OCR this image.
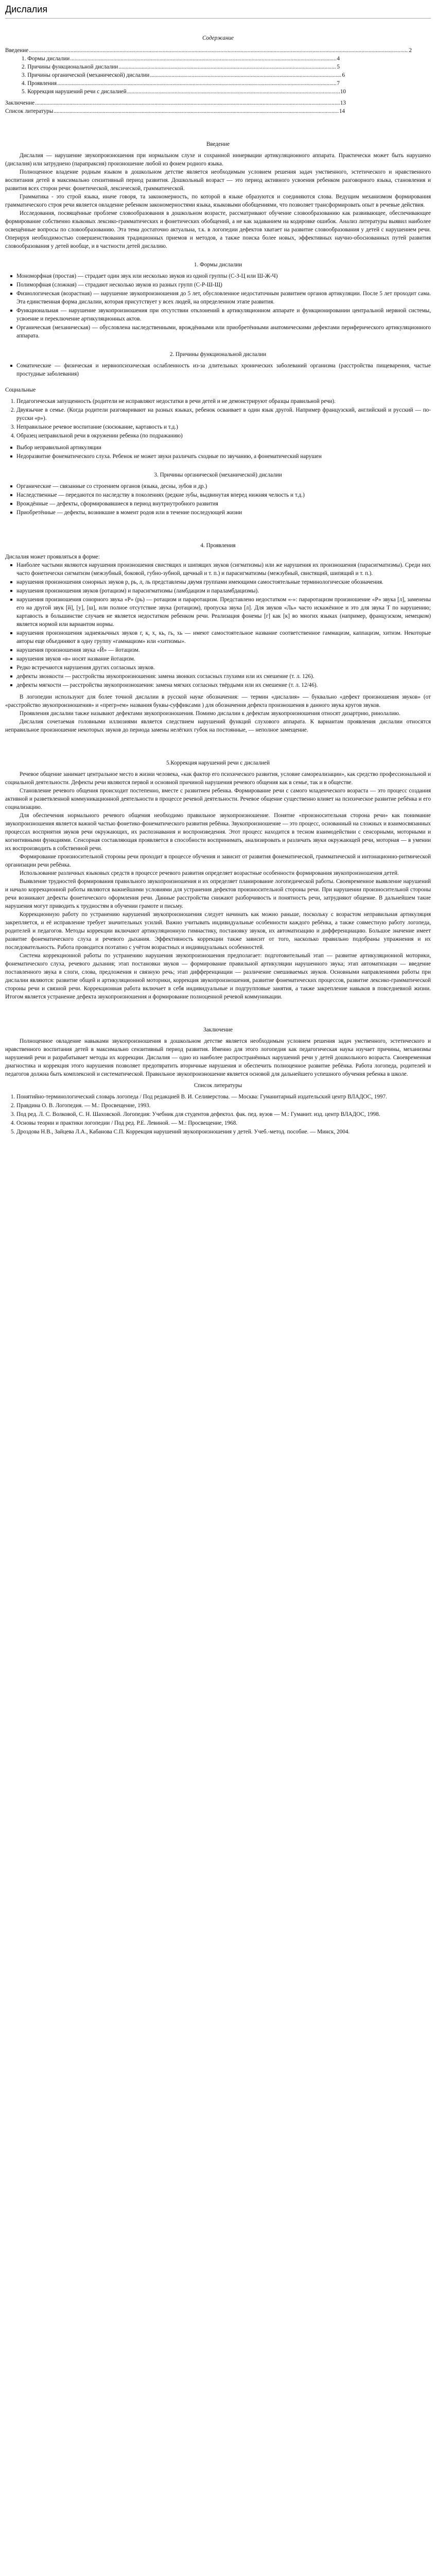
Дислалия
Содержание
Введение .....	2
1. Формы дислалии .....	4
2. Причины функциональной дислалии .....	5
3. Причины органической (механической) дислалии .....	6
4. Проявления .....	7
5. Коррекция нарушений речи с дислалией .....	10
Заключение .....	13
Список литературы .....	14
Введение

Дислалия — нарушение звукопроизношения при нормальном слухе и сохранной иннервации артикуляционного аппарата. Практически может быть нарушено (дислалия) или затруднено (парапраксия) произношение любой из фонем родного языка.

Полноценное владение родным языком в дошкольном детстве является необходимым условием решения задач умственного, эстетического и нравственного воспитания детей в максимально сензитивный период развития. Дошкольный возраст — это период активного усвоения ребенком разговорного языка, становления и развития всех сторон речи: фонетической, лексической, грамматической.

Грамматика - это строй языка, иначе говоря, та закономерность, по которой в языке образуются и соединяются слова. Ведущим механизмом формирования грамматического строя речи является овладение ребенком закономерностями языка, языковыми обобщениями, что позволяет трансформировать опыт в речевые действия.

Исследования, посвящённые проблеме словообразования в дошкольном возрасте, рассматривают обучение словообразованию как развивающее, обеспечивающее формирование собственно языковых лексико-грамматических и фонетических обобщений, а не как задаванием на кодировке ошибок. Анализ литературы выявил наиболее освещённые вопросы по словообразованию. Эта тема достаточно актуальна, т.к. в логопедии дефектов хватает на развитие словообразования у детей с нарушением речи. Оперируя необходимостью совершенствования традиционных приемов и методов, а также поиска более новых, эффективных научно-обоснованных путей развития словообразования у детей вообще, и в частности детей дислалию.

1. Формы дислалии
Мономорфная (простая) — страдает один звук или несколько звуков из одной группы (С-З-Ц или Ш-Ж-Ч)
Полиморфная (сложная) — страдают несколько звуков из разных групп (С-Р-Ш-Щ)
Физиологическая (возрастная) — нарушение звукопроизношения до 5 лет, обусловленное недостаточным развитием органов артикуляции. После 5 лет проходит сама. Эта единственная форма дислалии, которая присутствует у всех людей, на определенном этапе развития.
Функциональная — нарушение звукопроизношения при отсутствии отклонений в артикуляционном аппарате и функционировании центральной нервной системы, усвоение и переключение артикуляционных актов.
Органическая (механическая) — обусловлена наследственными, врождёнными или приобретёнными анатомическими дефектами периферического артикуляционного аппарата.
2. Причины функциональной дислалии
Соматические — физическая и нервнопсихическая ослабленность из-за длительных хронических заболеваний организма (расстройства пищеварения, частые простудные заболевания)

Социальные

1. Педагогическая запущенность (родители не исправляют недостатки в речи детей и не демонстрируют образцы правильной речи).
2. Двуязычие в семье. (Когда родители разговаривают на разных языках, ребенок осваивает в один язык другой. Например французский, английский и русский — по-русски «р»).
3. Неправильное речевое воспитание (сюсюкание, картавость и т.д.)
4. Образец неправильной речи в окружении ребенка (по подражанию)
Выбор неправильной артикуляции
Недоразвитие фонематического слуха. Ребенок не может звуки различать сходные по звучанию, а фонематический нарушен
3. Причины органической (механической) дислалии
Органические — связанные со строением органов (языка, десны, зубов и др.)
Наследственные — передаются по наследству в поколениях (редкие зубы, выдвинутая вперед нижняя челюсть и т.д.)
Врождённые — дефекты, сформировавшиеся в период внутриутробного развития
Приобретённые — дефекты, возникшие в момент родов или в течение последующей жизни
4. Проявления

Дислалия может проявляться в форме:

Наиболее частыми являются нарушения произношения свистящих и шипящих звуков (сигматизмы) или же нарушения их произношения (парасигматизмы). Среди них часто фонетически сигматизм (межзубный, боковой, губно-зубной, щечный и т. п.) и парасигматизмы (межзубный, свистящий, шипящий и т. п.).
нарушения произношения сонорных звуков р, рь, л, ль представлены двумя группами имеющими самостоятельные терминологические обозначения.
нарушения произношения звуков (ротацизм) и парасигматизмы (ламбдацизм и параламбдацизмы).
нарушения произношения сонорного звука «Р» (рь) — ротацизм и параротацизм. Представлено недостатком «-»: параротацизм произношение «Р» звука [л], заменены его на другой звук [й], [у], [ш], или полное отсутствие звука (ротацизм), пропуска звука [л]. Для звуков «Ль» часто искажённое и это для звука Т по нарушению; картавость в большинстве случаев не является недостатком ребенком речи. Реализация фонемы [г] как [к] во многих языках (например, французском, немецком) является нормой или вариантом нормы.
нарушения произношения заднеязычных звуков г, к, х, кь, гь, хь — имеют самостоятельное название соответственное гаммацизм, каппацизм, хитизм. Некоторые авторы еще объединяют в одну группу «гаммацизм» или «хитизмы».
нарушения произношения звука «Й» — йотацизм.
нарушения звуков «в» носят название йотацизм.
Редко встречаются нарушения других согласных звуков.
дефекты звонкости — расстройства звукопроизношения: замена звонких согласных глухими или их смешение (т. л. 126).
дефекты мягкости — расстройства звукопроизношения: замена мягких согласных твёрдыми или их смешение (т. л. 12/46).

В логопедии используют для более точной дислалии в русской науке обозначения: — термин «дислалия» — буквально «дефект произношения звуков» (от «расстройство звукопроизношения» и «прегр»ем» названия буквы-суффиксами ) для обозначения дефекта произношения в данного звука кругов звуков.

Проявления дислалии также называют дефектами звукопроизношения. Помимо дислалии к дефектам звукопроизношения относят дизартрию, ринолалию.

Дислалия сочетаемая головными иллюзиями является следствием нарушений функций слухового аппарата. К вариантам проявления дислалии относятся неправильное произношение некоторых звуков до периода замены нелёгких губок на постоянные, — неполное замещение.

5.Коррекция нарушений речи с дислалией

Речевое общение занимает центральное место в жизни человека, «как фактор его психического развития, условие самореализации», как средство профессиональной и социальной деятельности. Дефекты речи являются первой и основной причиной нарушения речевого общения как в семье, так и в обществе.

Становление речевого общения происходит постепенно, вместе с развитием ребенка. Формирование речи с самого младенческого возраста — это процесс создания активной и разветвленной коммуникационной деятельности в процессе речевой деятельности. Речевое общение существенно влияет на психическое развитие ребёнка и его социализацию.

Для обеспечения нормального речевого общения необходимо правильное звукопроизношение. Понятие «произносительная сторона речи» как понимание звукопроизношения является важной частью фонетико-фонематического развития ребёнка. Звукопроизношение — это процесс, основанный на сложных и взаимосвязанных процессах восприятия звуков речи окружающих, их распознавания и воспроизведения. Этот процесс находится в тесном взаимодействии с сенсорными, моторными и когнитивными функциями. Сенсорная составляющая проявляется в способности воспринимать, анализировать и различать звуки окружающей речи, моторная — в умении их воспроизводить в собственной речи.

Формирование произносительной стороны речи проходит в процессе обучения и зависит от развития фонематической, грамматической и интонационно-ритмической организации речи ребёнка.

Использование различных языковых средств в процессе речевого развития определяет возрастные особенности формирования звукопроизношения детей.

Выявление трудностей формирования правильного звукопроизношения и их определяет планирование логопедической работы. Своевременное выявление нарушений и начало коррекционной работы являются важнейшими условиями для устранения дефектов произносительной стороны речи. При нарушении произносительной стороны речи возникают дефекты фонетического оформления речи. Данные расстройства снижают разборчивость и понятность речи, затрудняют общение. В дальнейшем такие нарушения могут приводить к трудностям в обучении грамоте и письму.

Коррекционную работу по устранению нарушений звукопроизношения следует начинать как можно раньше, поскольку с возрастом неправильная артикуляция закрепляется, и её исправление требует значительных усилий. Важно учитывать индивидуальные особенности каждого ребёнка, а также совместную работу логопеда, родителей и педагогов. Методы коррекции включают артикуляционную гимнастику, постановку звуков, их автоматизацию и дифференциацию. Большое значение имеет развитие фонематического слуха и речевого дыхания. Эффективность коррекции также зависит от того, насколько правильно подобраны упражнения и их последовательность. Работа проводится поэтапно с учётом возрастных и индивидуальных особенностей.

Система коррекционной работы по устранению нарушения звукопроизношения предполагает: подготовительный этап — развитие артикуляционной моторики, фонематического слуха, речевого дыхания; этап постановки звуков — формирование правильной артикуляции нарушенного звука; этап автоматизации — введение поставленного звука в слоги, слова, предложения и связную речь; этап дифференциации — различение смешиваемых звуков. Основными направлениями работы при дислалии являются: развитие общей и артикуляционной моторики, коррекция звукопроизношения, развитие фонематических процессов, развитие лексико-грамматической стороны речи и связной речи. Коррекционная работа включает в себя индивидуальные и подгрупповые занятия, а также закрепление навыков в повседневной жизни. Итогом является устранение дефекта звукопроизношения и формирование полноценной речевой коммуникации.

Заключение

Полноценное овладение навыками звукопроизношения в дошкольном детстве является необходимым условием решения задач умственного, эстетического и нравственного воспитания детей в максимально сензитивный период развития. Именно для этого логопедия как педагогическая наука изучает причины, механизмы нарушений речи и разрабатывает методы их коррекции. Дислалия — одно из наиболее распространённых нарушений речи у детей дошкольного возраста. Своевременная диагностика и коррекция этого нарушения позволяет предотвратить вторичные нарушения и обеспечить полноценное развитие ребёнка. Работа логопеда, родителей и педагогов должна быть комплексной и систематической. Правильное звукопроизношение является основой для дальнейшего успешного обучения ребенка в школе.

Список литературы
1. Понятийно-терминологический словарь логопеда / Под редакцией В. И. Селиверстова. — Москва: Гуманитарный издательский центр ВЛАДОС, 1997.
2. Правдина О. В. Логопедия. — М.: Просвещение, 1993.
3. Под ред. Л. С. Волковой, С. Н. Шаховской. Логопедия: Учебник для студентов дефектол. фак. пед. вузов — М.: Гуманит. изд. центр ВЛАДОС, 1998.
4. Основы теории и практики логопедии / Под ред. Р.Е. Левиной. — М.: Просвещение, 1968.
5. Дроздова Н.В., Зайцева Л.А., Кабанова С.П. Коррекция нарушений звукопроизношения у детей. Учеб.-метод. пособие. — Минск, 2004.
